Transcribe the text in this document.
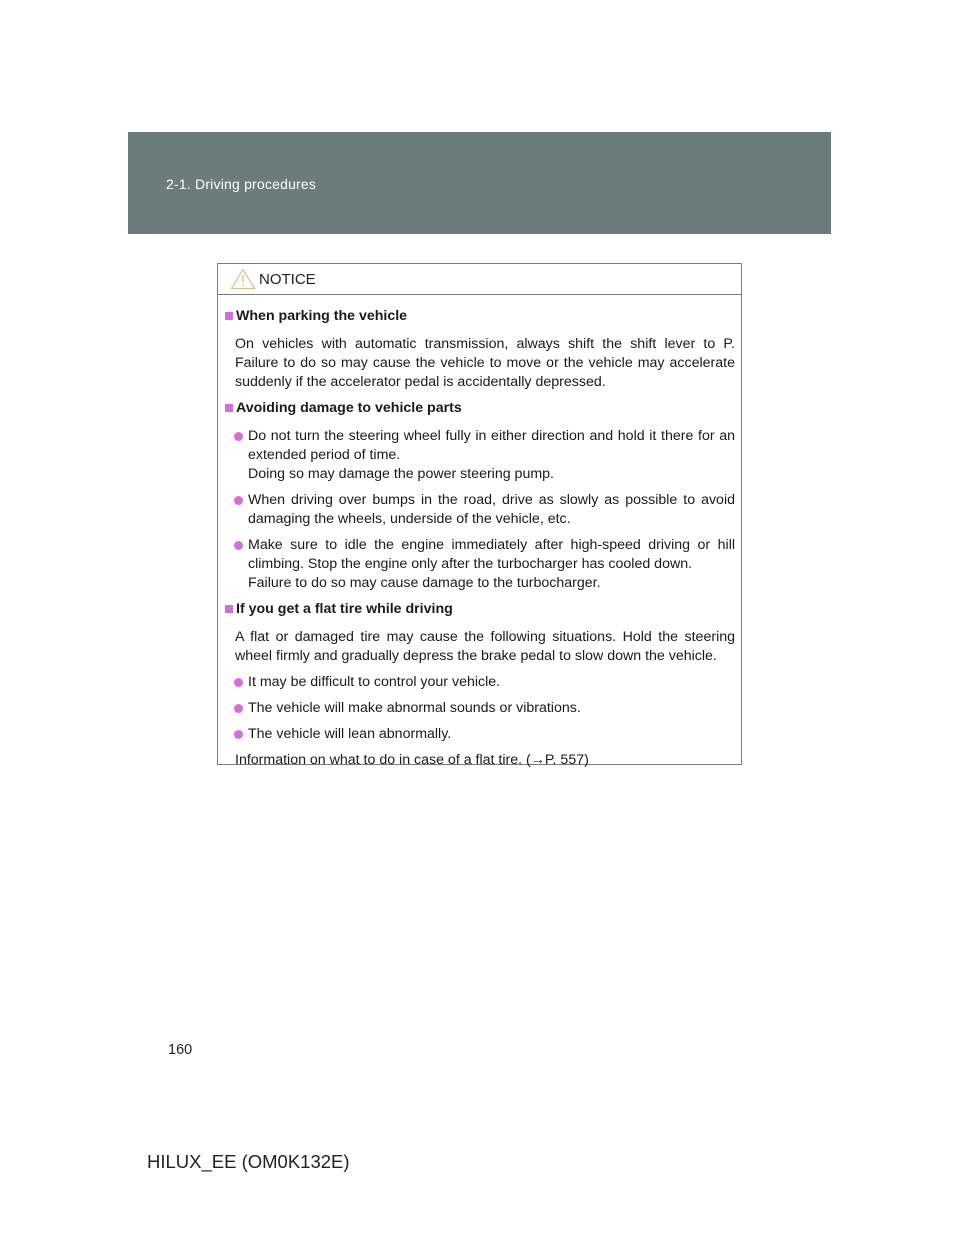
2-1. Driving procedures
NOTICE
When parking the vehicle
On vehicles with automatic transmission, always shift the shift lever to P. Failure to do so may cause the vehicle to move or the vehicle may accelerate suddenly if the accelerator pedal is accidentally depressed.
Avoiding damage to vehicle parts
Do not turn the steering wheel fully in either direction and hold it there for an extended period of time.
Doing so may damage the power steering pump.
When driving over bumps in the road, drive as slowly as possible to avoid damaging the wheels, underside of the vehicle, etc.
Make sure to idle the engine immediately after high-speed driving or hill climbing. Stop the engine only after the turbocharger has cooled down.
Failure to do so may cause damage to the turbocharger.
If you get a flat tire while driving
A flat or damaged tire may cause the following situations. Hold the steering wheel firmly and gradually depress the brake pedal to slow down the vehicle.
It may be difficult to control your vehicle.
The vehicle will make abnormal sounds or vibrations.
The vehicle will lean abnormally.
Information on what to do in case of a flat tire. (→P. 557)
160
HILUX_EE (OM0K132E)
